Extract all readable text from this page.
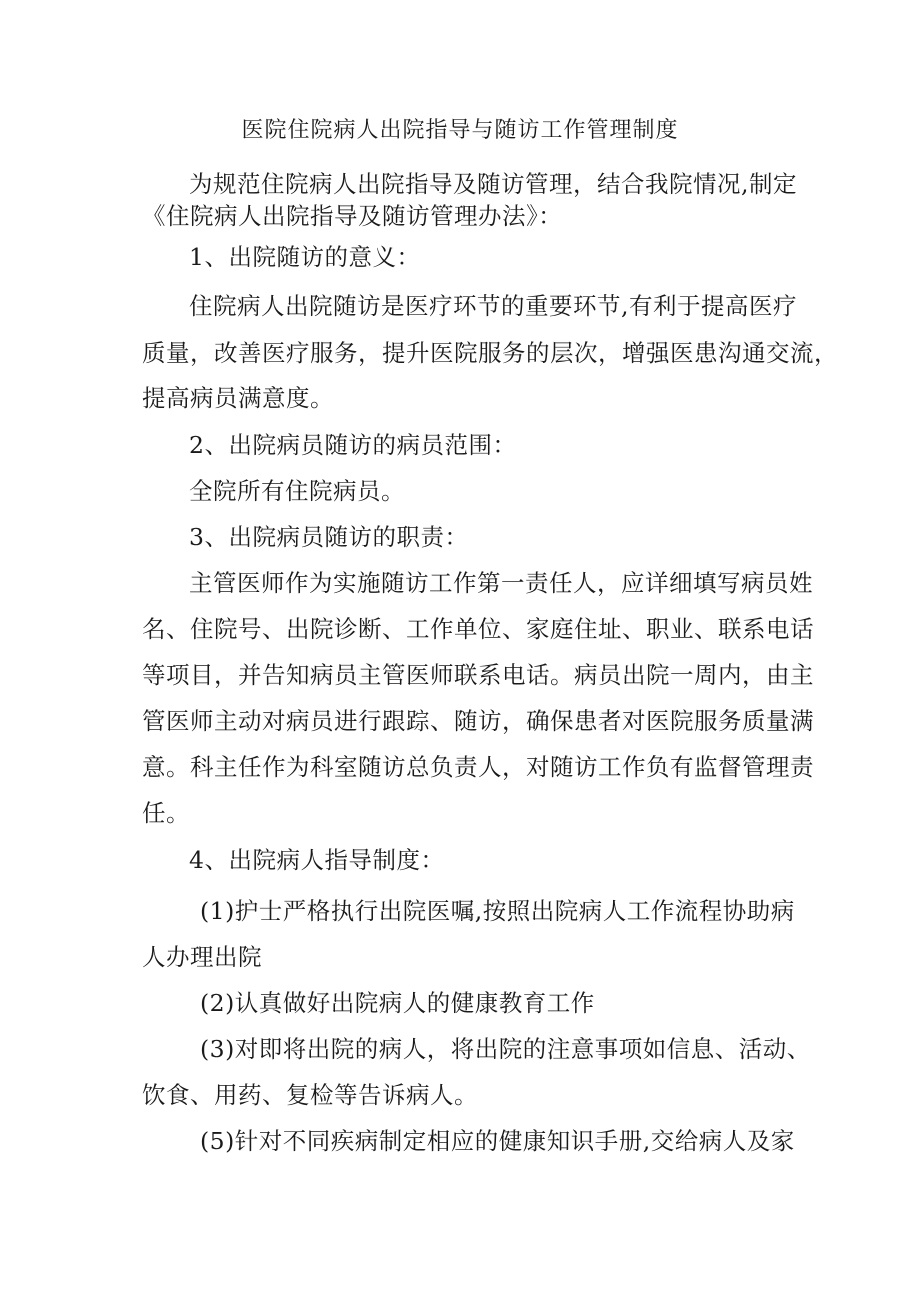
医院住院病人出院指导与随访工作管理制度
为规范住院病人出院指导及随访管理，结合我院情况,制定
《住院病人出院指导及随访管理办法》：
1、出院随访的意义：
住院病人出院随访是医疗环节的重要环节,有利于提高医疗
质量，改善医疗服务，提升医院服务的层次，增强医患沟通交流，
提高病员满意度。
2、出院病员随访的病员范围：
全院所有住院病员。
3、出院病员随访的职责：
主管医师作为实施随访工作第一责任人，应详细填写病员姓
名、住院号、出院诊断、工作单位、家庭住址、职业、联系电话
等项目，并告知病员主管医师联系电话。病员出院一周内，由主
管医师主动对病员进行跟踪、随访，确保患者对医院服务质量满
意。科主任作为科室随访总负责人，对随访工作负有监督管理责
任。
4、出院病人指导制度：
(1)护士严格执行出院医嘱,按照出院病人工作流程协助病
人办理出院
(2)认真做好出院病人的健康教育工作
(3)对即将出院的病人，将出院的注意事项如信息、活动、
饮食、用药、复检等告诉病人。
(5)针对不同疾病制定相应的健康知识手册,交给病人及家
